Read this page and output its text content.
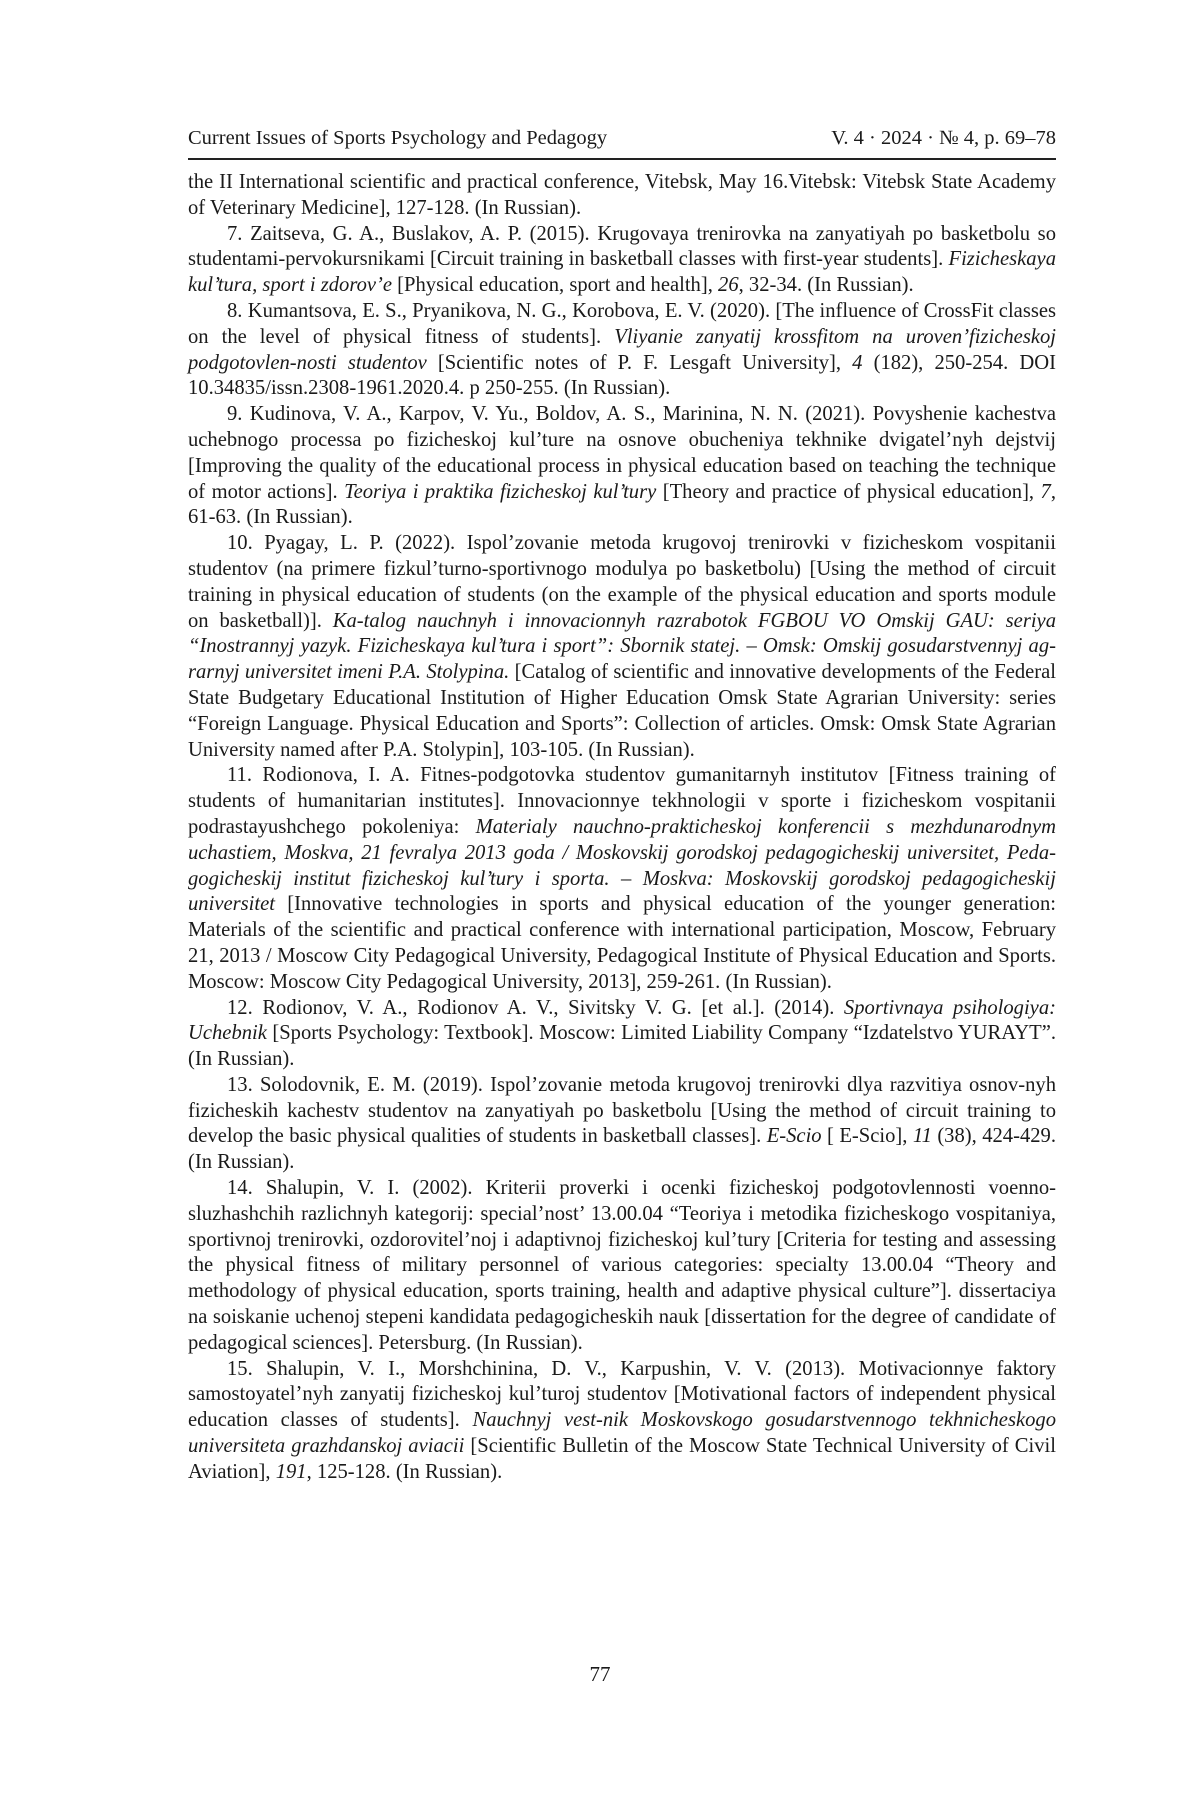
Current Issues of Sports Psychology and Pedagogy	V. 4 · 2024 · № 4, p. 69–78

the II International scientific and practical conference, Vitebsk, May 16.Vitebsk: Vitebsk State Academy of Veterinary Medicine], 127-128. (In Russian).

7. Zaitseva, G. A., Buslakov, A. P. (2015). Krugovaya trenirovka na zanyatiyah po basketbolu so studentami-pervokursnikami [Circuit training in basketball classes with first-year students]. Fizicheskaya kul’tura, sport i zdorov’e [Physical education, sport and health], 26, 32-34. (In Russian).

8. Kumantsova, E. S., Pryanikova, N. G., Korobova, E. V. (2020). [The influence of CrossFit classes on the level of physical fitness of students]. Vliyanie zanyatij krossfitom na uroven’fizicheskoj podgotovlen-nosti studentov [Scientific notes of P. F. Lesgaft University], 4 (182), 250-254. DOI 10.34835/issn.2308-1961.2020.4. p 250-255. (In Russian).

9. Kudinova, V. A., Karpov, V. Yu., Boldov, A. S., Marinina, N. N. (2021). Povyshenie kachestva uchebnogo processa po fizicheskoj kul’ture na osnove obucheniya tekhnike dvigatel’nyh dejstvij [Improving the quality of the educational process in physical education based on teaching the technique of motor actions]. Teoriya i praktika fizicheskoj kul’tury [Theory and practice of physical education], 7, 61-63. (In Russian).

10. Pyagay, L. P. (2022). Ispol’zovanie metoda krugovoj trenirovki v fizicheskom vospitanii studentov (na primere fizkul’turno-sportivnogo modulya po basketbolu) [Using the method of circuit training in physical education of students (on the example of the physical education and sports module on basketball)]. Ka-talog nauchnyh i innovacionnyh razrabotok FGBOU VO Omskij GAU: seriya “Inostrannyj yazyk. Fizicheskaya kul’tura i sport”: Sbornik statej. – Omsk: Omskij gosudarstvennyj ag-rarnyj universitet imeni P.A. Stolypina. [Catalog of scientific and innovative developments of the Federal State Budgetary Educational Institution of Higher Education Omsk State Agrarian University: series “Foreign Language. Physical Education and Sports”: Collection of articles. Omsk: Omsk State Agrarian University named after P.A. Stolypin], 103-105. (In Russian).

11. Rodionova, I. A. Fitnes-podgotovka studentov gumanitarnyh institutov [Fitness training of students of humanitarian institutes]. Innovacionnye tekhnologii v sporte i fizicheskom vospitanii podrastayushchego pokoleniya: Materialy nauchno-prakticheskoj konferencii s mezhdunarodnym uchastiem, Moskva, 21 fevralya 2013 goda / Moskovskij gorodskoj pedagogicheskij universitet, Peda-gogicheskij institut fizicheskoj kul’tury i sporta. – Moskva: Moskovskij gorodskoj pedagogicheskij universitet [Innovative technologies in sports and physical education of the younger generation: Materials of the scientific and practical conference with international participation, Moscow, February 21, 2013 / Moscow City Pedagogical University, Pedagogical Institute of Physical Education and Sports. Moscow: Moscow City Pedagogical University, 2013], 259-261. (In Russian).

12. Rodionov, V. A., Rodionov A. V., Sivitsky V. G. [et al.]. (2014). Sportivnaya psihologiya: Uchebnik [Sports Psychology: Textbook]. Moscow: Limited Liability Company “Izdatelstvo YURAYT”. (In Russian).

13. Solodovnik, E. M. (2019). Ispol’zovanie metoda krugovoj trenirovki dlya razvitiya osnov-nyh fizicheskih kachestv studentov na zanyatiyah po basketbolu [Using the method of circuit training to develop the basic physical qualities of students in basketball classes]. E-Scio [ E-Scio], 11 (38), 424-429. (In Russian).

14. Shalupin, V. I. (2002). Kriterii proverki i ocenki fizicheskoj podgotovlennosti voenno-sluzhashchih razlichnyh kategorij: special’nost’ 13.00.04 “Teoriya i metodika fizicheskogo vospitaniya, sportivnoj trenirovki, ozdorovitel’noj i adaptivnoj fizicheskoj kul’tury [Criteria for testing and assessing the physical fitness of military personnel of various categories: specialty 13.00.04 “Theory and methodology of physical education, sports training, health and adaptive physical culture”]. dissertaciya na soiskanie uchenoj stepeni kandidata pedagogicheskih nauk [dissertation for the degree of candidate of pedagogical sciences]. Petersburg. (In Russian).

15. Shalupin, V. I., Morshchinina, D. V., Karpushin, V. V. (2013). Motivacionnye faktory samostoyatel’nyh zanyatij fizicheskoj kul’turoj studentov [Motivational factors of independent physical education classes of students]. Nauchnyj vest-nik Moskovskogo gosudarstvennogo tekhnicheskogo universiteta grazhdanskoj aviacii [Scientific Bulletin of the Moscow State Technical University of Civil Aviation], 191, 125-128. (In Russian).

77
